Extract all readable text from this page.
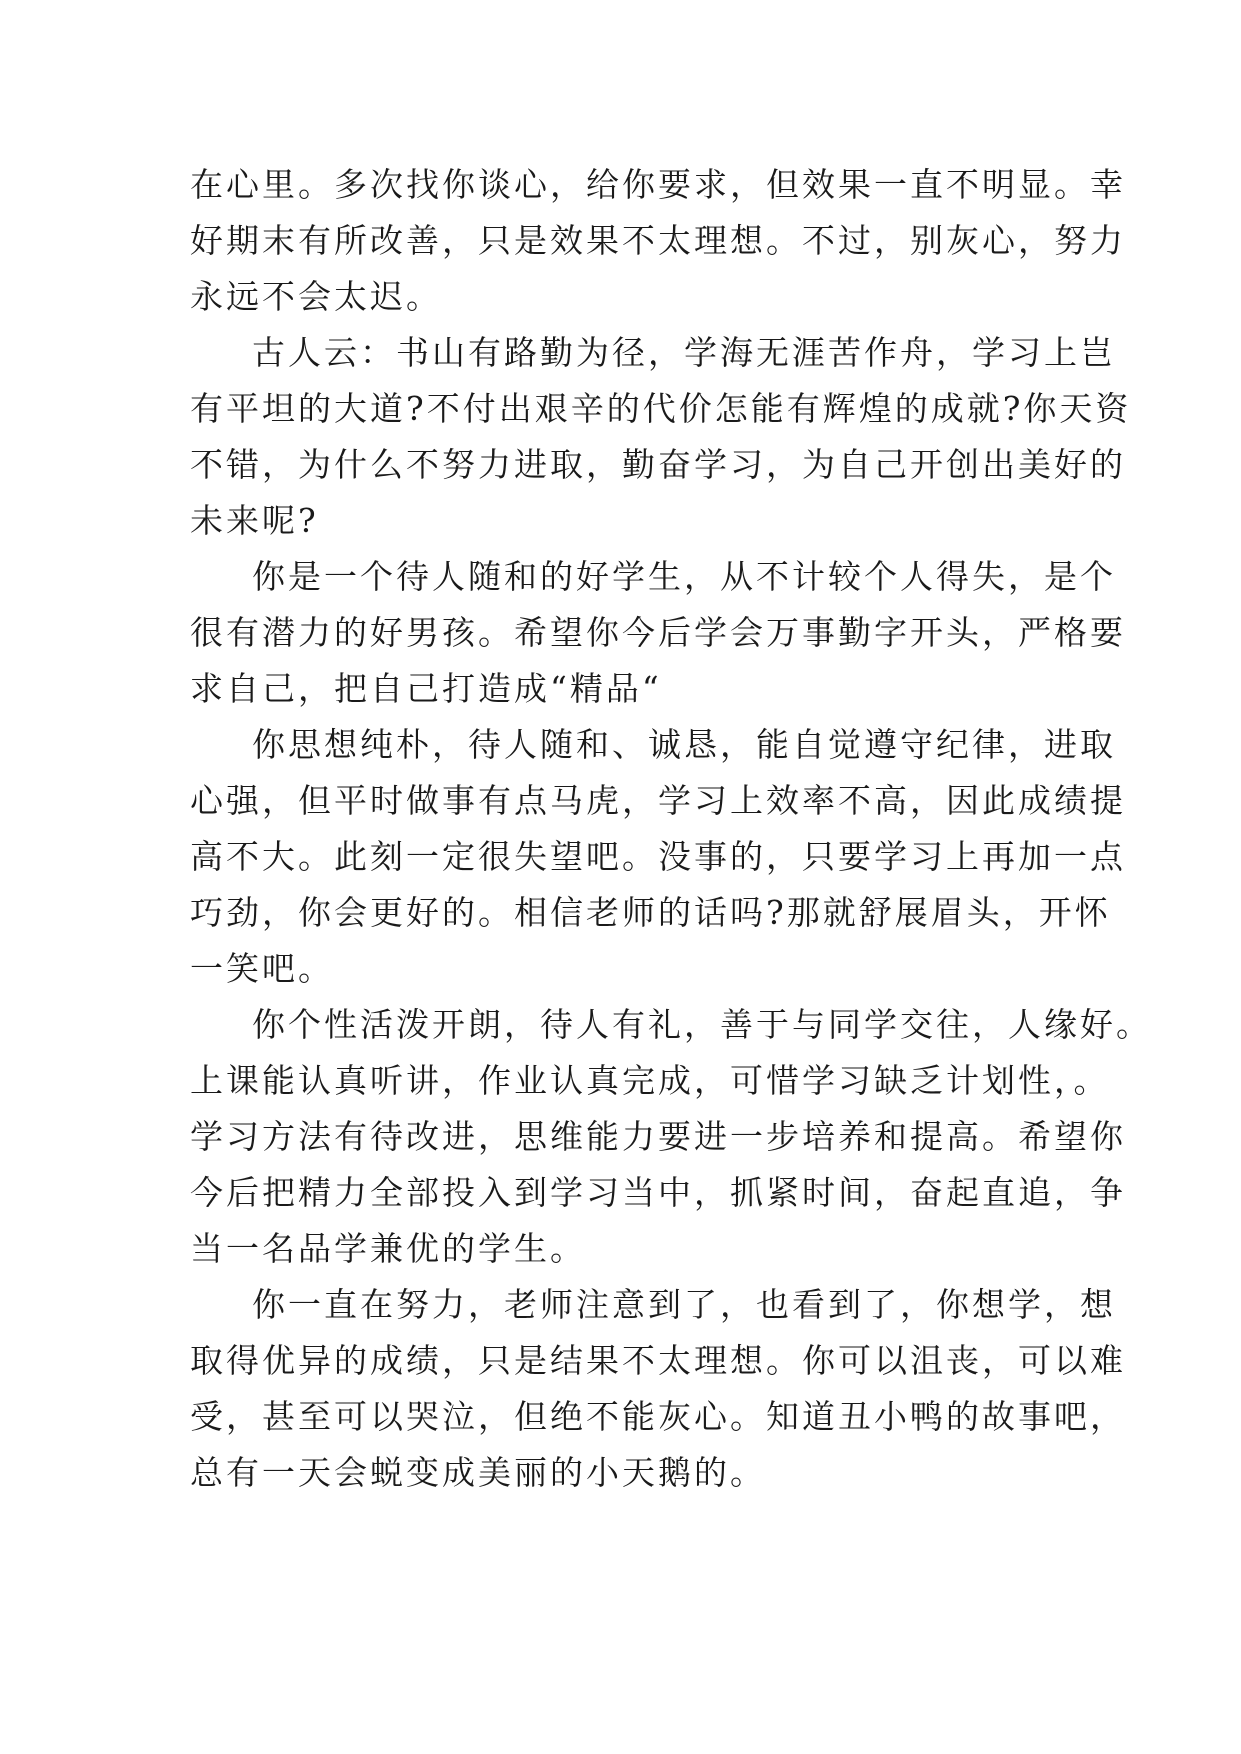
在心里。多次找你谈心，给你要求，但效果一直不明显。幸
好期末有所改善，只是效果不太理想。不过，别灰心，努力
永远不会太迟。

古人云：书山有路勤为径，学海无涯苦作舟，学习上岂
有平坦的大道?不付出艰辛的代价怎能有辉煌的成就?你天资
不错，为什么不努力进取，勤奋学习，为自己开创出美好的
未来呢?

你是一个待人随和的好学生，从不计较个人得失，是个
很有潜力的好男孩。希望你今后学会万事勤字开头，严格要
求自己，把自己打造成“精品“

你思想纯朴，待人随和、诚恳，能自觉遵守纪律，进取
心强，但平时做事有点马虎，学习上效率不高，因此成绩提
高不大。此刻一定很失望吧。没事的，只要学习上再加一点
巧劲，你会更好的。相信老师的话吗?那就舒展眉头，开怀
一笑吧。

你个性活泼开朗，待人有礼，善于与同学交往，人缘好。
上课能认真听讲，作业认真完成，可惜学习缺乏计划性，。
学习方法有待改进，思维能力要进一步培养和提高。希望你
今后把精力全部投入到学习当中，抓紧时间，奋起直追，争
当一名品学兼优的学生。

你一直在努力，老师注意到了，也看到了，你想学，想
取得优异的成绩，只是结果不太理想。你可以沮丧，可以难
受，甚至可以哭泣，但绝不能灰心。知道丑小鸭的故事吧，
总有一天会蜕变成美丽的小天鹅的。
